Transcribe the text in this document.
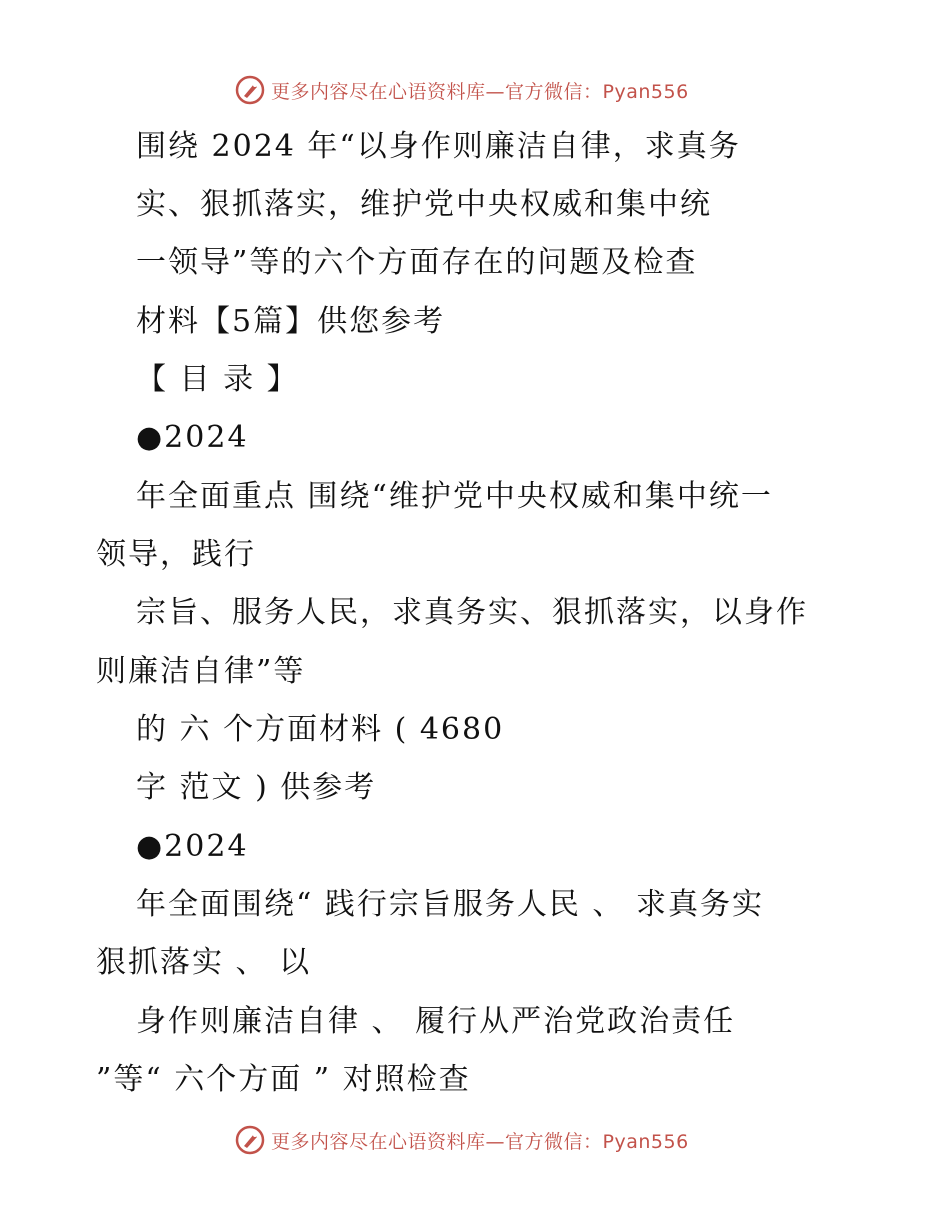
更多内容尽在心语资料库—官方微信：Pyan556
围绕 2024 年“以身作则廉洁自律，求真务
实、狠抓落实，维护党中央权威和集中统
一领导”等的六个方面存在的问题及检查
材料【5篇】供您参考
【 目 录 】
●2024
年全面重点 围绕“维护党中央权威和集中统一
领导，践行
宗旨、服务人民，求真务实、狠抓落实，以身作
则廉洁自律”等
的 六 个方面材料 ( 4680
字 范文 ) 供参考
●2024
年全面围绕“ 践行宗旨服务人民 、 求真务实
狠抓落实 、 以
身作则廉洁自律 、 履行从严治党政治责任
”等“ 六个方面 ” 对照检查
更多内容尽在心语资料库—官方微信：Pyan556
